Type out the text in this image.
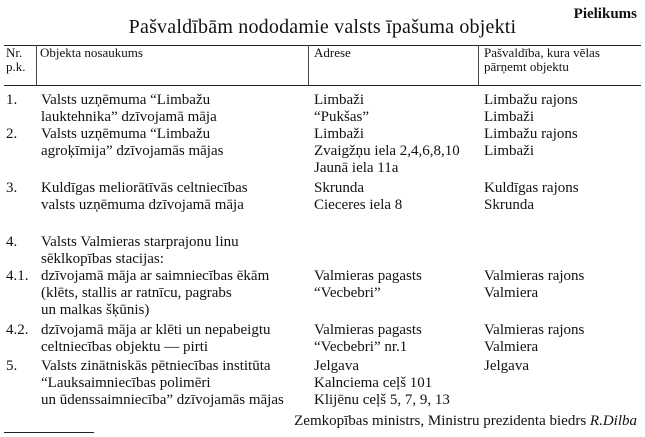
Pielikums
Pašvaldībām nododamie valsts īpašuma objekti
Nr.
p.k.
Objekta nosaukums	Adrese	Pašvaldība, kura vēlas
pārņemt objektu
1. Valsts uzņēmuma “Limbažu
lauktehnika” dzīvojamā māja
Limbaži
“Pukšas”
Limbažu rajons
Limbaži
2. Valsts uzņēmuma “Limbažu
agroķīmija” dzīvojamās mājas
Limbaži
Zvaigžņu iela 2,4,6,8,10
Jaunā iela 11a
Limbažu rajons
Limbaži
3. Kuldīgas meliorātīvās celtniecības
valsts uzņēmuma dzīvojamā māja
Skrunda
Cieceres iela 8
Kuldīgas rajons
Skrunda
4. Valsts Valmieras starprajonu linu
sēklkopības stacijas:
4.1. dzīvojamā māja ar saimniecības ēkām
(klēts, stallis ar ratnīcu, pagrabs
un malkas šķūnis)
Valmieras pagasts
“Vecbebri”
Valmieras rajons
Valmiera
4.2. dzīvojamā māja ar klēti un nepabeigtu
celtniecības objektu — pirti
Valmieras pagasts
“Vecbebri” nr.1
Valmieras rajons
Valmiera
5. Valsts zinātniskās pētniecības institūta
“Lauksaimniecības polimēri
un ūdenssaimniecība” dzīvojamās mājas
Jelgava
Kalnciema ceļš 101
Klijēnu ceļš 5, 7, 9, 13
Jelgava
Zemkopības ministrs, Ministru prezidenta biedrs R.Dilba
